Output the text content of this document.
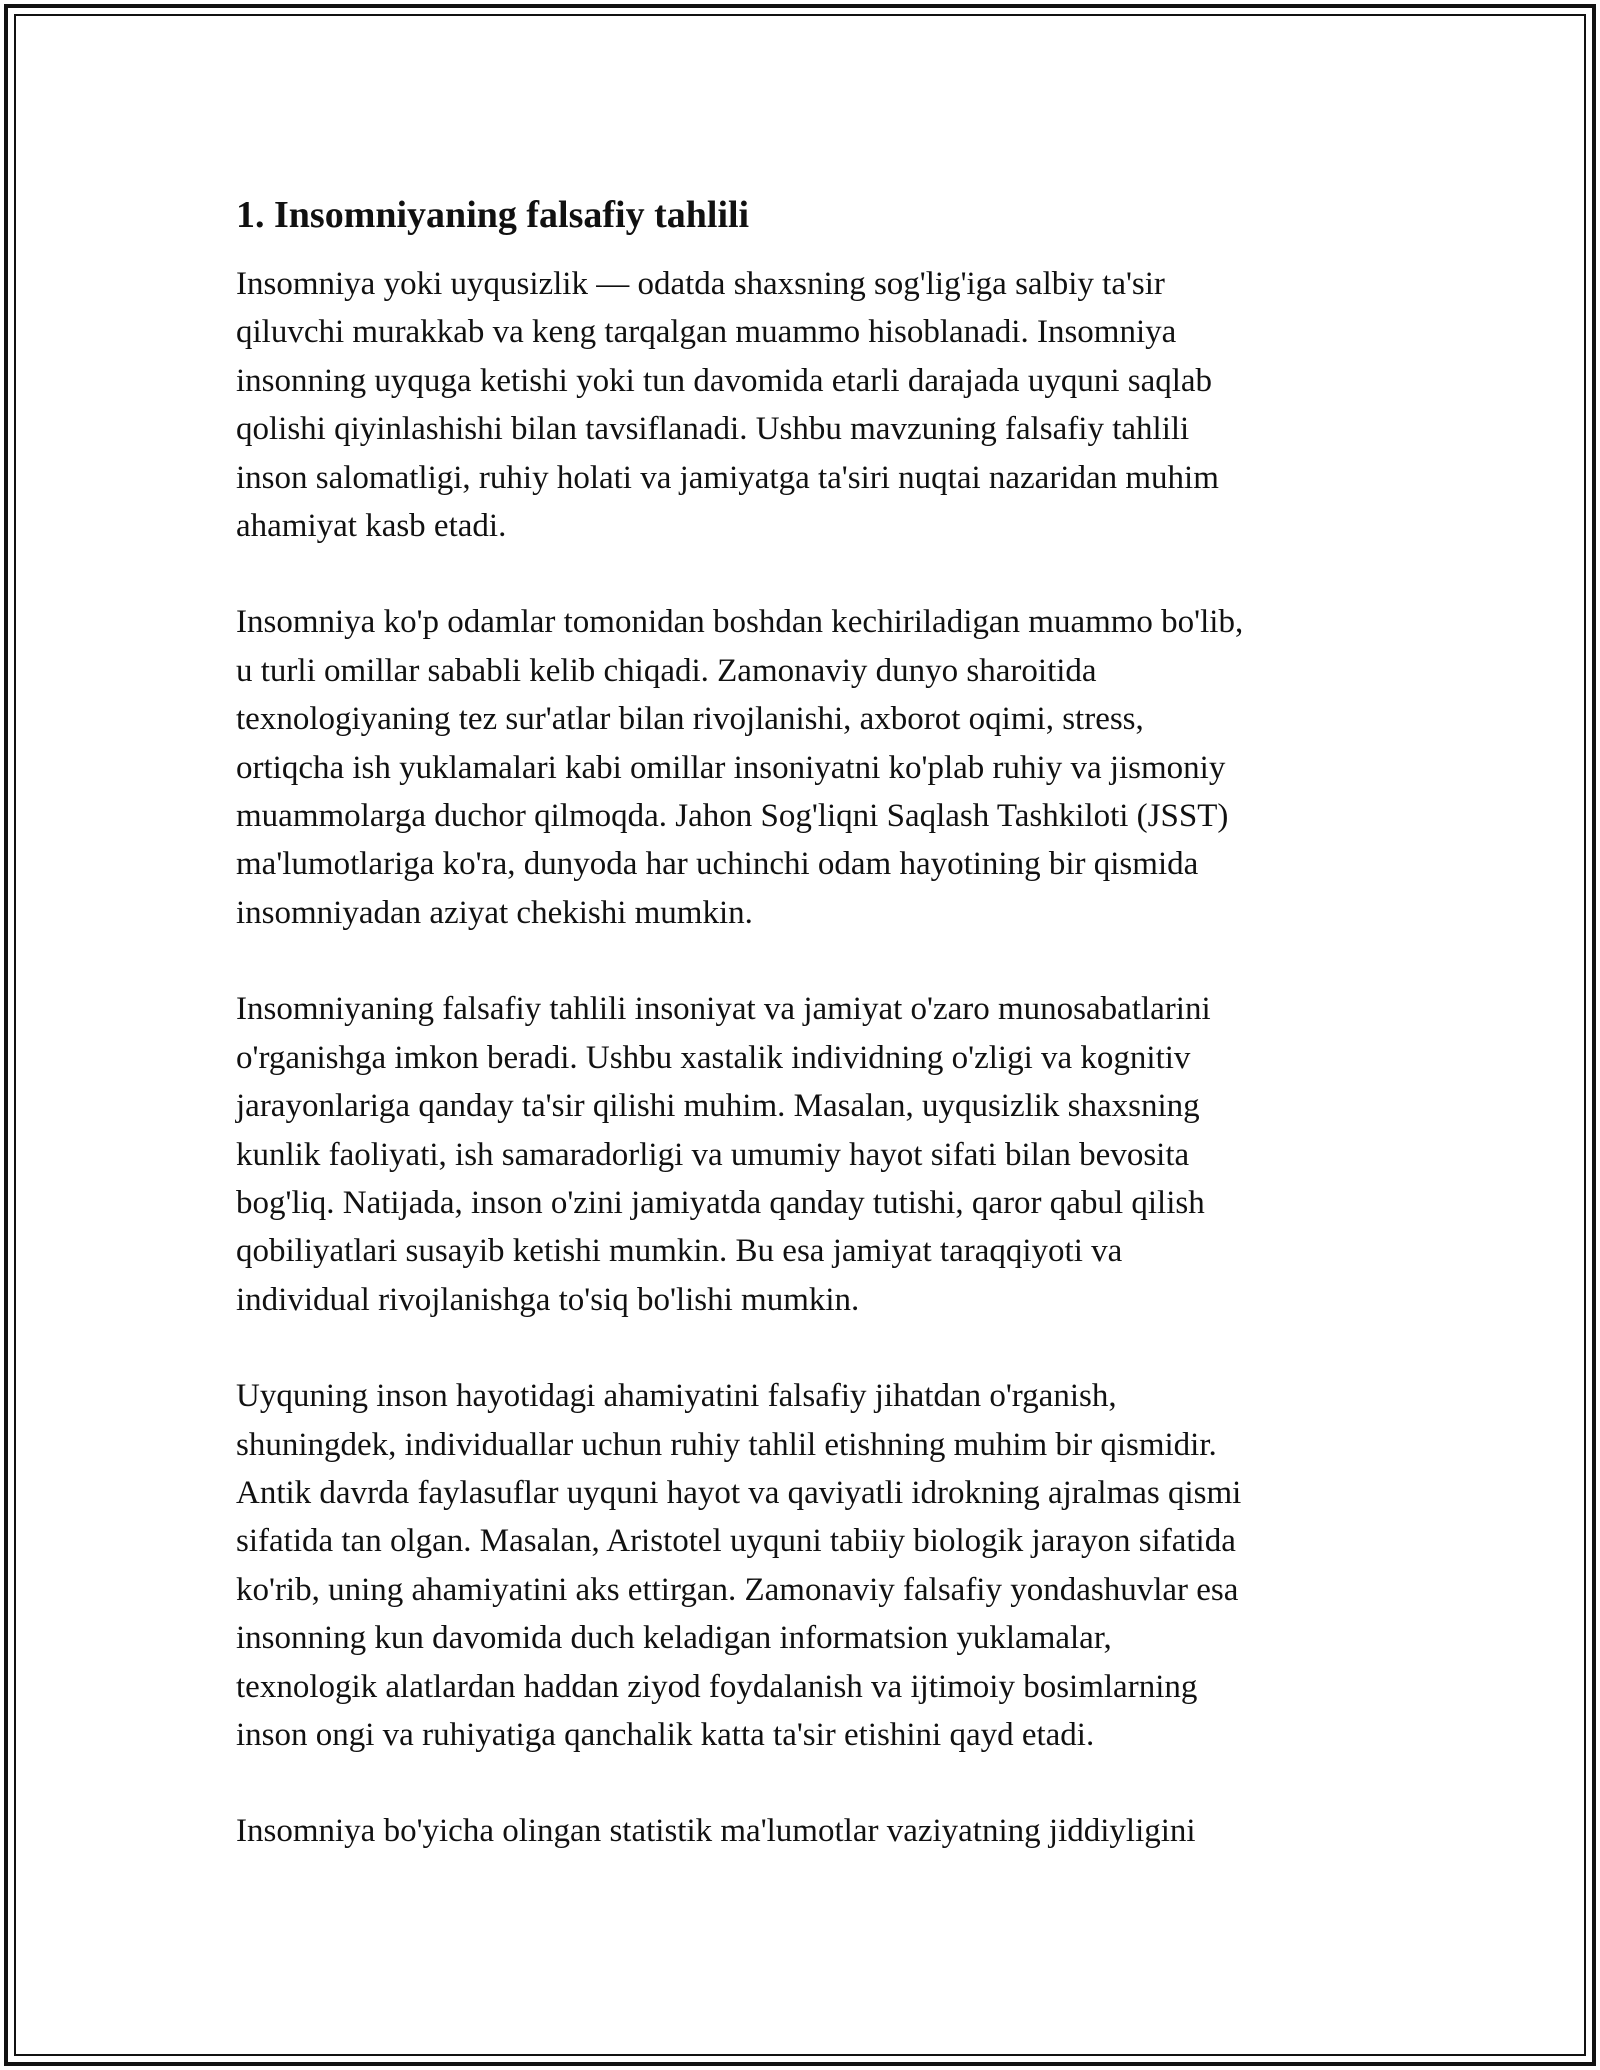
1. Insomniyaning falsafiy tahlili

Insomniya yoki uyqusizlik — odatda shaxsning sog'lig'iga salbiy ta'sir
qiluvchi murakkab va keng tarqalgan muammo hisoblanadi. Insomniya
insonning uyquga ketishi yoki tun davomida etarli darajada uyquni saqlab
qolishi qiyinlashishi bilan tavsiflanadi. Ushbu mavzuning falsafiy tahlili
inson salomatligi, ruhiy holati va jamiyatga ta'siri nuqtai nazaridan muhim
ahamiyat kasb etadi.

Insomniya ko'p odamlar tomonidan boshdan kechiriladigan muammo bo'lib,
u turli omillar sababli kelib chiqadi. Zamonaviy dunyo sharoitida
texnologiyaning tez sur'atlar bilan rivojlanishi, axborot oqimi, stress,
ortiqcha ish yuklamalari kabi omillar insoniyatni ko'plab ruhiy va jismoniy
muammolarga duchor qilmoqda. Jahon Sog'liqni Saqlash Tashkiloti (JSST)
ma'lumotlariga ko'ra, dunyoda har uchinchi odam hayotining bir qismida
insomniyadan aziyat chekishi mumkin.

Insomniyaning falsafiy tahlili insoniyat va jamiyat o'zaro munosabatlarini
o'rganishga imkon beradi. Ushbu xastalik individning o'zligi va kognitiv
jarayonlariga qanday ta'sir qilishi muhim. Masalan, uyqusizlik shaxsning
kunlik faoliyati, ish samaradorligi va umumiy hayot sifati bilan bevosita
bog'liq. Natijada, inson o'zini jamiyatda qanday tutishi, qaror qabul qilish
qobiliyatlari susayib ketishi mumkin. Bu esa jamiyat taraqqiyoti va
individual rivojlanishga to'siq bo'lishi mumkin.

Uyquning inson hayotidagi ahamiyatini falsafiy jihatdan o'rganish,
shuningdek, individuallar uchun ruhiy tahlil etishning muhim bir qismidir.
Antik davrda faylasuflar uyquni hayot va qaviyatli idrokning ajralmas qismi
sifatida tan olgan. Masalan, Aristotel uyquni tabiiy biologik jarayon sifatida
ko'rib, uning ahamiyatini aks ettirgan. Zamonaviy falsafiy yondashuvlar esa
insonning kun davomida duch keladigan informatsion yuklamalar,
texnologik alatlardan haddan ziyod foydalanish va ijtimoiy bosimlarning
inson ongi va ruhiyatiga qanchalik katta ta'sir etishini qayd etadi.

Insomniya bo'yicha olingan statistik ma'lumotlar vaziyatning jiddiyligini
